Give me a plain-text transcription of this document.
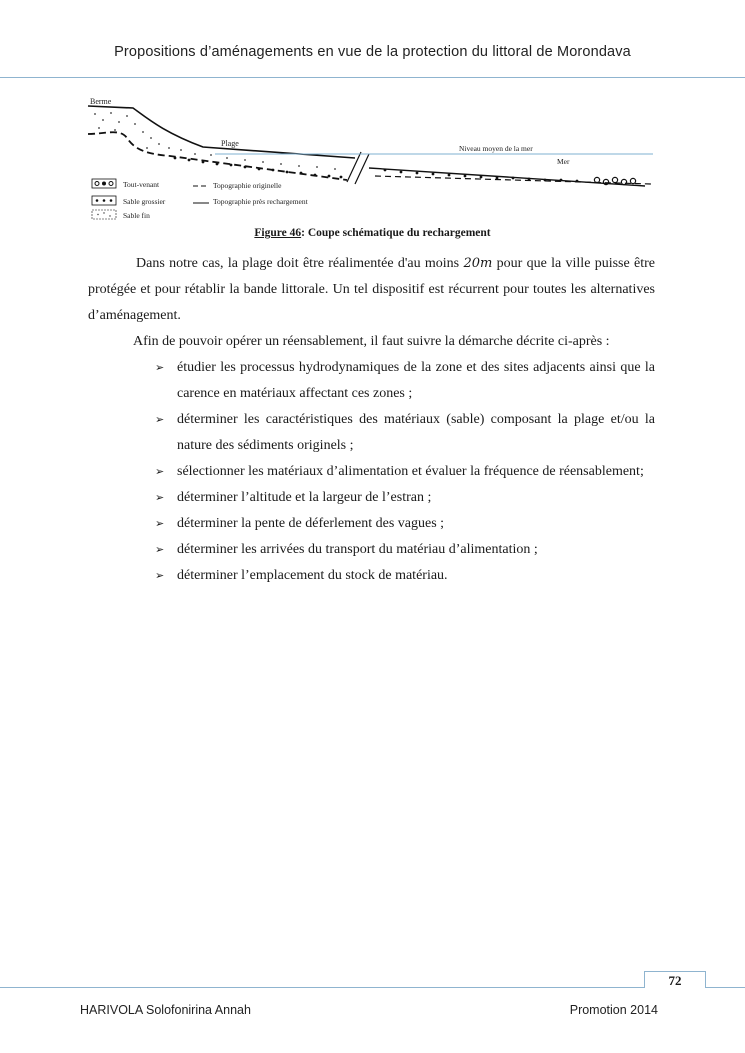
Propositions d’aménagements en vue de la protection du littoral de Morondava
Berme
Plage
Niveau moyen de la mer
Mer
Tout-venant
Sable grossier
Sable fin
Topographie originelle
Topographie près rechargement
Figure 46: Coupe schématique du rechargement

Dans notre cas, la plage doit être réalimentée d'au moins 20m pour que la ville puisse être protégée et pour rétablir la bande littorale. Un tel dispositif est récurrent pour toutes les alternatives d’aménagement.

Afin de pouvoir opérer un réensablement, il faut suivre la démarche décrite ci-après :

➢ étudier les processus hydrodynamiques de la zone et des sites adjacents ainsi que la carence en matériaux affectant ces zones ;
➢ déterminer les caractéristiques des matériaux (sable) composant la plage et/ou la nature des sédiments originels ;
➢ sélectionner les matériaux d’alimentation et évaluer la fréquence de réensablement;
➢ déterminer l’altitude et la largeur de l’estran ;
➢ déterminer la pente de déferlement des vagues ;
➢ déterminer les arrivées du transport du matériau d’alimentation ;
➢ déterminer l’emplacement du stock de matériau.
72
HARIVOLA Solofonirina Annah	Promotion 2014
